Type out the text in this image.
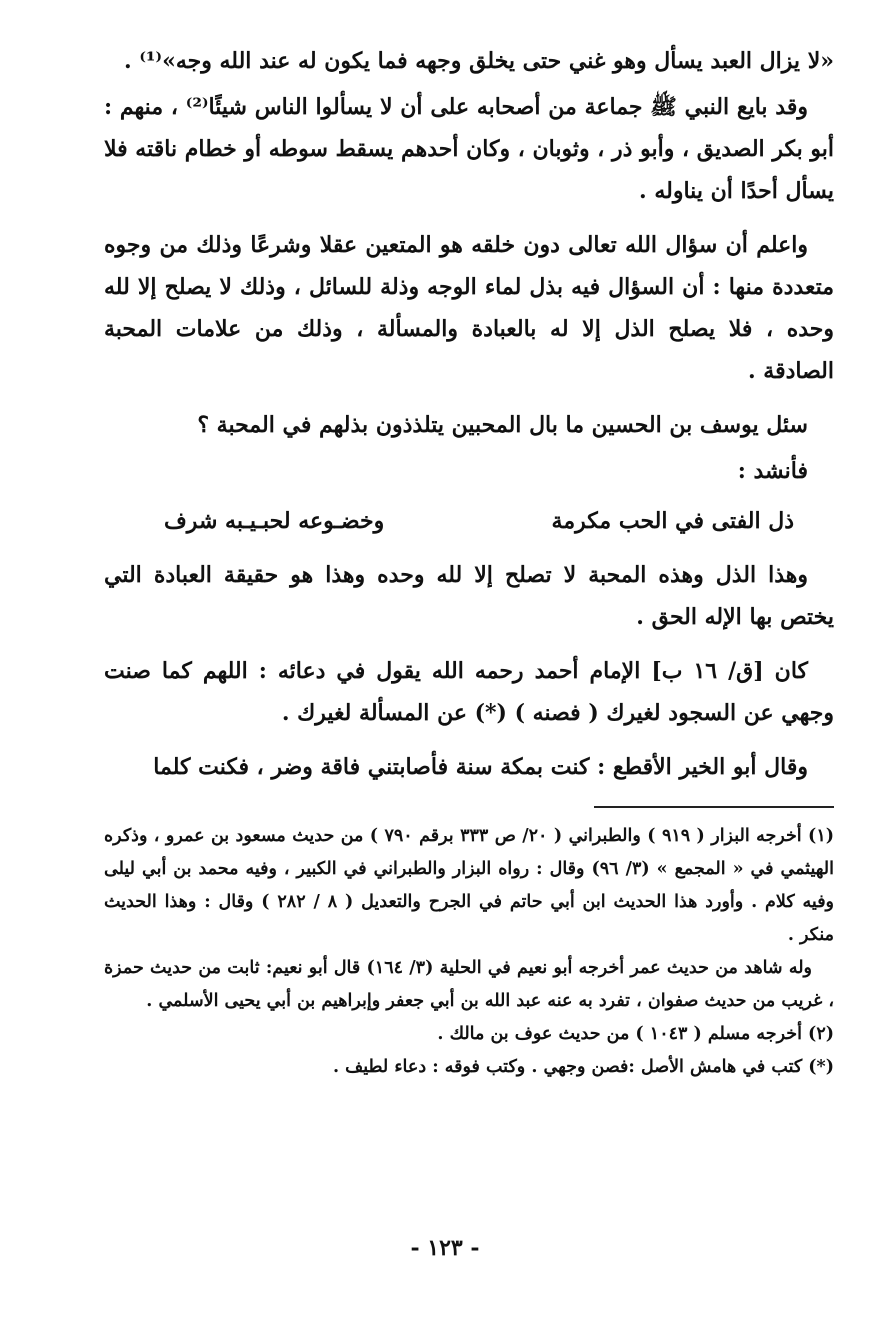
«لا يزال العبد يسأل وهو غني حتى يخلق وجهه فما يكون له عند الله وجه»⁽¹⁾ .

وقد بايع النبي ﷺ جماعة من أصحابه على أن لا يسألوا الناس شيئًا⁽²⁾ ، منهم : أبو بكر الصديق ، وأبو ذر ، وثوبان ، وكان أحدهم يسقط سوطه أو خطام ناقته فلا يسأل أحدًا أن يناوله .

واعلم أن سؤال الله تعالى دون خلقه هو المتعين عقلا وشرعًا وذلك من وجوه متعددة منها : أن السؤال فيه بذل لماء الوجه وذلة للسائل ، وذلك لا يصلح إلا لله وحده ، فلا يصلح الذل إلا له بالعبادة والمسألة ، وذلك من علامات المحبة الصادقة .

سئل يوسف بن الحسين ما بال المحبين يتلذذون بذلهم في المحبة ؟

فأنشد :

ذل الفتى في الحب مكرمة
وخضـوعه لحبـيـبه شرف

وهذا الذل وهذه المحبة لا تصلح إلا لله وحده وهذا هو حقيقة العبادة التي يختص بها الإله الحق .

كان [ق/ ١٦ ب] الإمام أحمد رحمه الله يقول في دعائه : اللهم كما صنت وجهي عن السجود لغيرك ( فصنه ) (*) عن المسألة لغيرك .

وقال أبو الخير الأقطع : كنت بمكة سنة فأصابتني فاقة وضر ، فكنت كلما

(١) أخرجه البزار ( ٩١٩ ) والطبراني ( ٢٠/ ص ٣٣٣ برقم ٧٩٠ ) من حديث مسعود بن عمرو ، وذكره الهيثمي في « المجمع » (٣/ ٩٦) وقال : رواه البزار والطبراني في الكبير ، وفيه محمد بن أبي ليلى وفيه كلام . وأورد هذا الحديث ابن أبي حاتم في الجرح والتعديل ( ٨ / ٢٨٢ ) وقال : وهذا الحديث منكر .

وله شاهد من حديث عمر أخرجه أبو نعيم في الحلية (٣/ ١٦٤) قال أبو نعيم: ثابت من حديث حمزة ، غريب من حديث صفوان ، تفرد به عنه عبد الله بن أبي جعفر وإبراهيم بن أبي يحيى الأسلمي .

(٢) أخرجه مسلم ( ١٠٤٣ ) من حديث عوف بن مالك .

(*) كتب في هامش الأصل :فصن وجهي . وكتب فوقه : دعاء لطيف .

- ١٢٣ -
